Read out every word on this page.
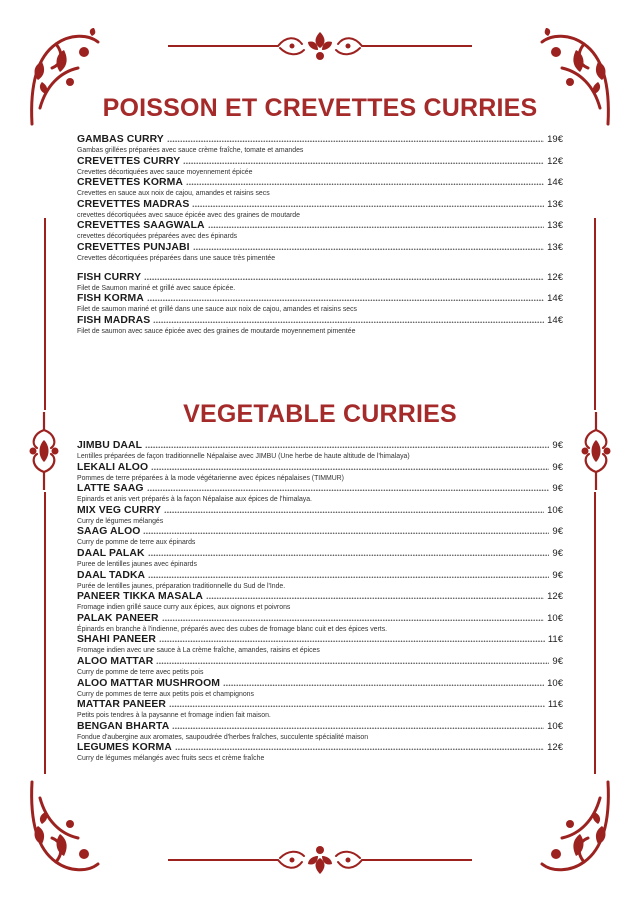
POISSON ET CREVETTES CURRIES
GAMBAS CURRY	19€
Gambas grillées préparées avec sauce crème fraîche, tomate et amandes
CREVETTES CURRY	12€
Crevettes décortiquées avec sauce moyennement épicée
CREVETTES KORMA	14€
Crevettes en sauce aux noix de cajou, amandes et raisins secs
CREVETTES MADRAS	13€
crevettes décortiquées avec sauce épicée avec des graines de moutarde
CREVETTES SAAGWALA	13€
crevettes décortiquées préparées avec des épinards
CREVETTES PUNJABI	13€
Crevettes décortiquées préparées dans une sauce très pimentée
FISH CURRY	12€
Filet de Saumon mariné et grillé avec sauce épicée.
FISH KORMA	14€
Filet de saumon mariné et grillé dans une sauce aux noix de cajou, amandes et raisins secs
FISH MADRAS	14€
Filet de saumon avec sauce épicée avec des graines de moutarde moyennement pimentée
VEGETABLE CURRIES
JIMBU DAAL	9€
Lentilles préparées de façon traditionnelle Népalaise avec JIMBU (Une herbe de haute altitude de l'himalaya)
LEKALI ALOO	9€
Pommes de terre préparées à la mode végétarienne avec épices népalaises (TIMMUR)
LATTE SAAG	9€
Epinards et anis vert préparés à la façon Népalaise aux épices de l'himalaya.
MIX VEG CURRY	10€
Curry de légumes mélangés
SAAG ALOO	9€
Curry de pomme de terre aux épinards
DAAL PALAK	9€
Puree de lentilles jaunes avec épinards
DAAL TADKA	9€
Purée de lentilles jaunes, préparation traditionnelle du Sud de l'Inde.
PANEER TIKKA MASALA	12€
Fromage indien grillé sauce curry aux épices, aux oignons et poivrons
PALAK PANEER	10€
Épinards en branche à l'indienne, préparés avec des cubes de fromage blanc cuit et des épices verts.
SHAHI PANEER	11€
Fromage indien avec une sauce à La crème fraîche, amandes, raisins et épices
ALOO MATTAR	9€
Curry de pomme de terre avec petits pois
ALOO MATTAR MUSHROOM	10€
Curry de pommes de terre aux petits pois et champignons
MATTAR PANEER	11€
Petits pois tendres à la paysanne et fromage indien fait maison.
BENGAN BHARTA	10€
Fondue d'aubergine aux aromates, saupoudrée d'herbes fraîches, succulente spécialité maison
LEGUMES KORMA	12€
Curry de légumes mélangés avec fruits secs et crème fraîche
